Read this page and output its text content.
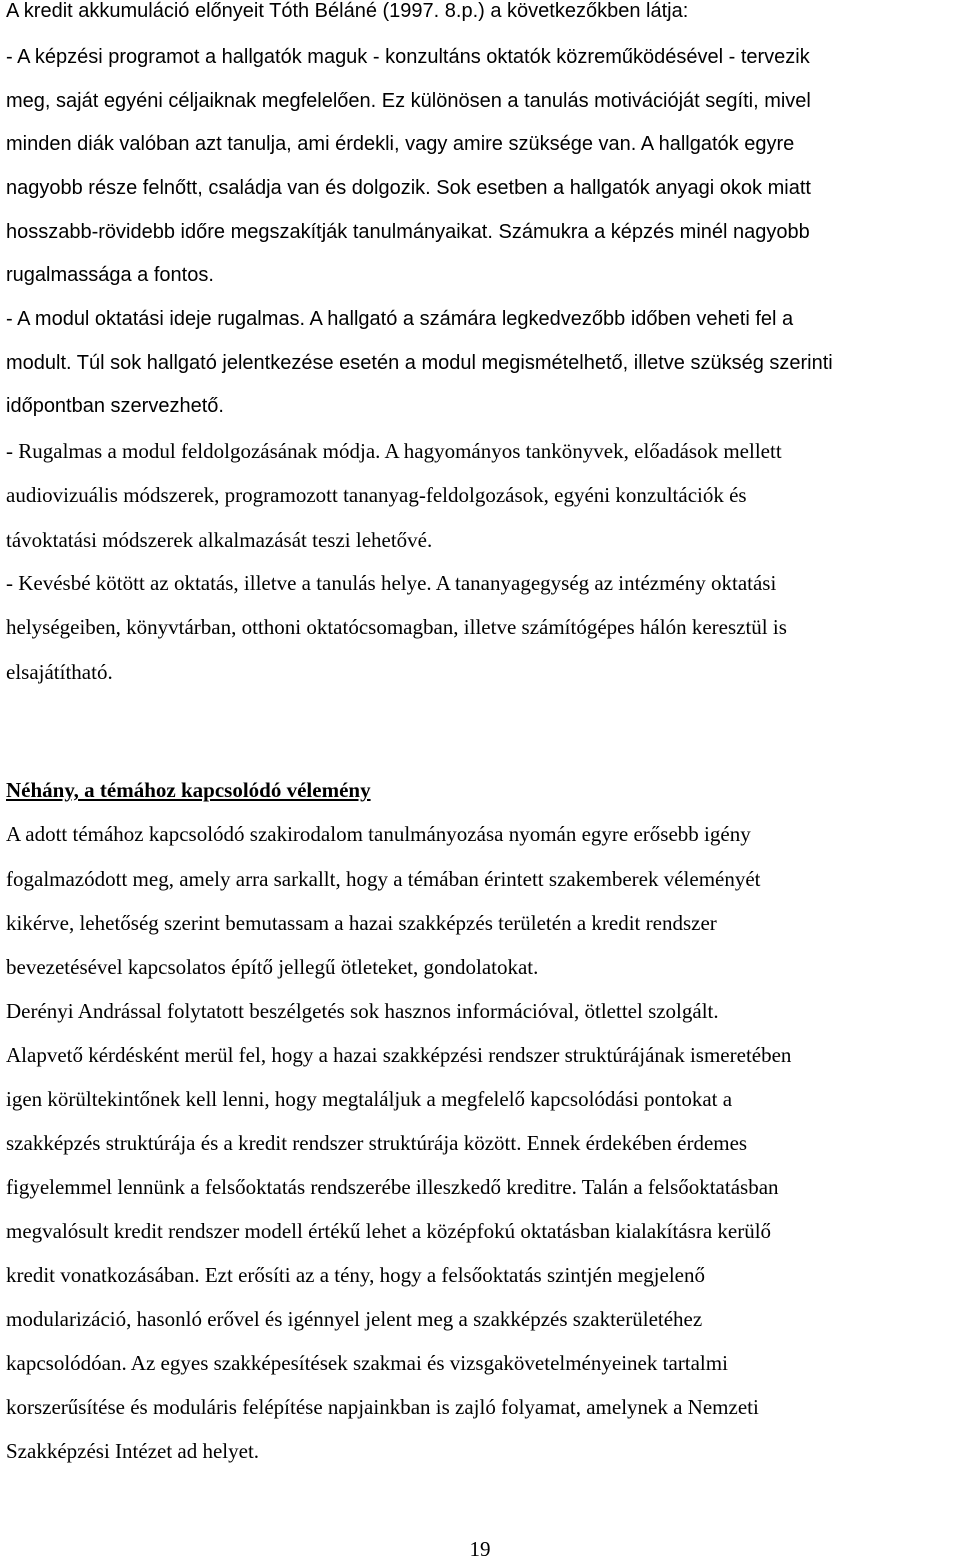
A kredit akkumuláció előnyeit Tóth Béláné (1997. 8.p.) a következőkben látja:
- A képzési programot a hallgatók maguk - konzultáns oktatók közreműködésével - tervezik
meg, saját egyéni céljaiknak megfelelően. Ez különösen a tanulás motivációját segíti, mivel
minden diák valóban azt tanulja, ami érdekli, vagy amire szüksége van. A hallgatók egyre
nagyobb része felnőtt, családja van és dolgozik. Sok esetben a hallgatók anyagi okok miatt
hosszabb-rövidebb időre megszakítják tanulmányaikat. Számukra a képzés minél nagyobb
rugalmassága a fontos.
- A modul oktatási ideje rugalmas. A hallgató a számára legkedvezőbb időben veheti fel a
modult. Túl sok hallgató jelentkezése esetén a modul megismételhető, illetve szükség szerinti
időpontban szervezhető.
- Rugalmas a modul feldolgozásának módja. A hagyományos tankönyvek, előadások mellett
audiovizuális módszerek, programozott tananyag-feldolgozások, egyéni konzultációk és
távoktatási módszerek alkalmazását teszi lehetővé.
- Kevésbé kötött az oktatás, illetve a tanulás helye. A tananyagegység az intézmény oktatási
helységeiben, könyvtárban, otthoni oktatócsomagban, illetve számítógépes hálón keresztül is
elsajátítható.
Néhány, a témához kapcsolódó vélemény
A adott témához kapcsolódó szakirodalom tanulmányozása nyomán egyre erősebb igény
fogalmazódott meg, amely arra sarkallt, hogy a témában érintett szakemberek véleményét
kikérve, lehetőség szerint bemutassam a hazai szakképzés területén a kredit rendszer
bevezetésével kapcsolatos építő jellegű ötleteket, gondolatokat.
Derényi Andrással folytatott beszélgetés sok hasznos információval, ötlettel szolgált.
Alapvető kérdésként merül fel, hogy a hazai szakképzési rendszer struktúrájának ismeretében
igen körültekintőnek kell lenni, hogy megtaláljuk a megfelelő kapcsolódási pontokat a
szakképzés struktúrája és a kredit rendszer struktúrája között. Ennek érdekében érdemes
figyelemmel lennünk a felsőoktatás rendszerébe illeszkedő kreditre. Talán a felsőoktatásban
megvalósult kredit rendszer modell értékű lehet a középfokú oktatásban kialakításra kerülő
kredit vonatkozásában. Ezt erősíti az a tény, hogy a felsőoktatás szintjén megjelenő
modularizáció, hasonló erővel és igénnyel jelent meg a szakképzés szakterületéhez
kapcsolódóan. Az egyes szakképesítések szakmai és vizsgakövetelményeinek tartalmi
korszerűsítése és moduláris felépítése napjainkban is zajló folyamat, amelynek a Nemzeti
Szakképzési Intézet ad helyet.
19
